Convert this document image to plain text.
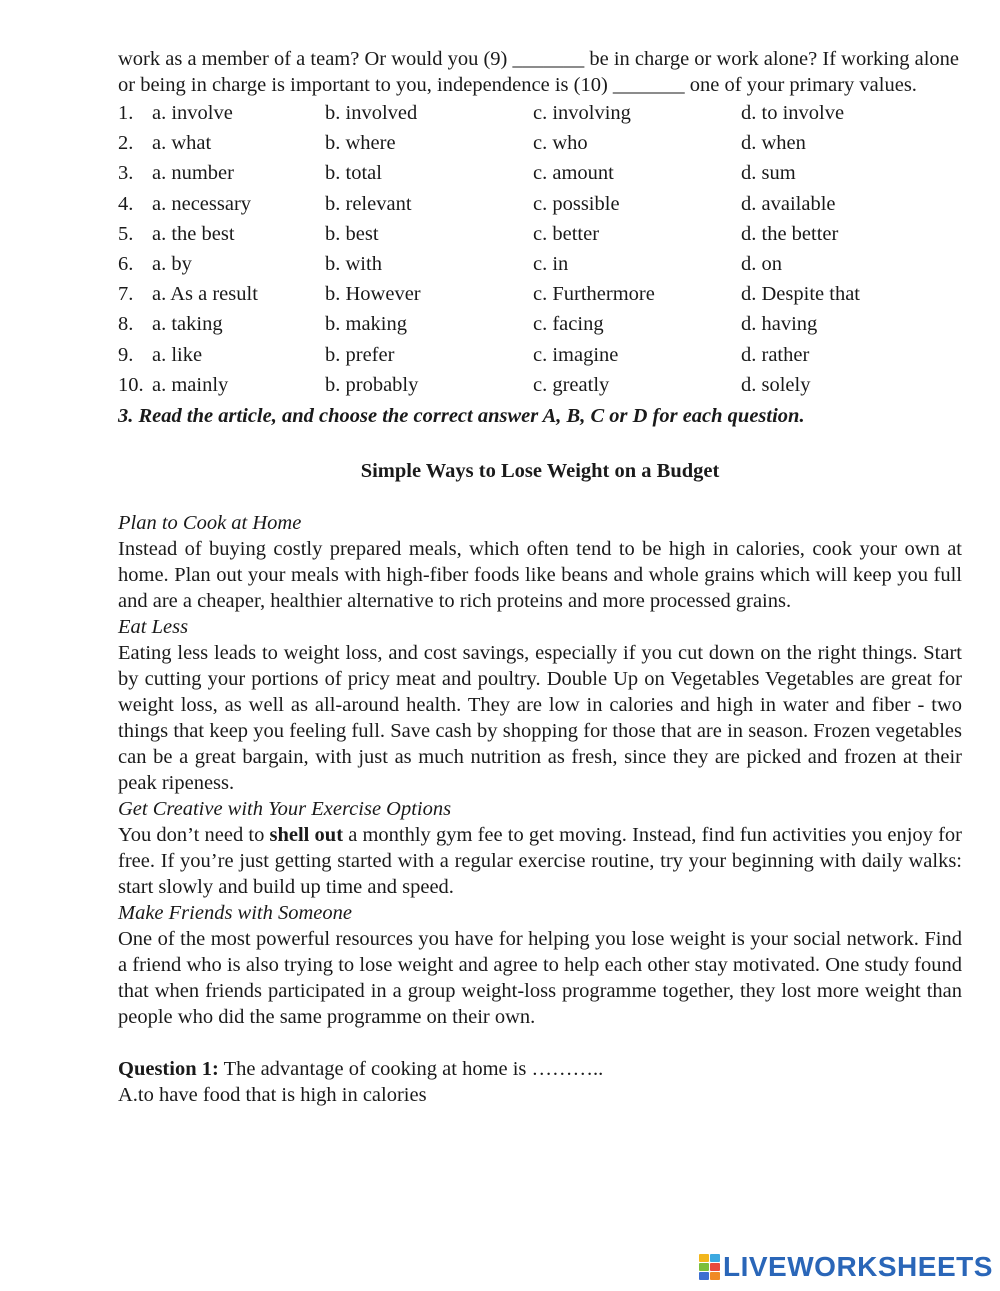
work as a member of a team? Or would you (9) _______ be in charge or work alone? If working alone or being in charge is important to you, independence is (10) _______ one of your primary values.

1. a. involve	b. involved	c. involving	d. to involve
2. a. what	b. where	c. who	d. when
3. a. number	b. total	c. amount	d. sum
4. a. necessary	b. relevant	c. possible	d. available
5. a. the best	b. best	c. better	d. the better
6. a. by	b. with	c. in	d. on
7. a. As a result	b. However	c. Furthermore	d. Despite that
8. a. taking	b. making	c. facing	d. having
9. a. like	b. prefer	c. imagine	d. rather
10. a. mainly	b. probably	c. greatly	d. solely

3. Read the article, and choose the correct answer A, B, C or D for each question.

Simple Ways to Lose Weight on a Budget

Plan to Cook at Home

Instead of buying costly prepared meals, which often tend to be high in calories, cook your own at home. Plan out your meals with high-fiber foods like beans and whole grains which will keep you full and are a cheaper, healthier alternative to rich proteins and more processed grains.

Eat Less

Eating less leads to weight loss, and cost savings, especially if you cut down on the right things. Start by cutting your portions of pricy meat and poultry. Double Up on Vegetables Vegetables are great for weight loss, as well as all-around health. They are low in calories and high in water and fiber - two things that keep you feeling full. Save cash by shopping for those that are in season. Frozen vegetables can be a great bargain, with just as much nutrition as fresh, since they are picked and frozen at their peak ripeness.

Get Creative with Your Exercise Options

You don’t need to shell out a monthly gym fee to get moving. Instead, find fun activities you enjoy for free. If you’re just getting started with a regular exercise routine, try your beginning with daily walks: start slowly and build up time and speed.

Make Friends with Someone

One of the most powerful resources you have for helping you lose weight is your social network. Find a friend who is also trying to lose weight and agree to help each other stay motivated. One study found that when friends participated in a group weight-loss programme together, they lost more weight than people who did the same programme on their own.

Question 1: The advantage of cooking at home is ………..

A.to have food that is high in calories

LIVEWORKSHEETS
